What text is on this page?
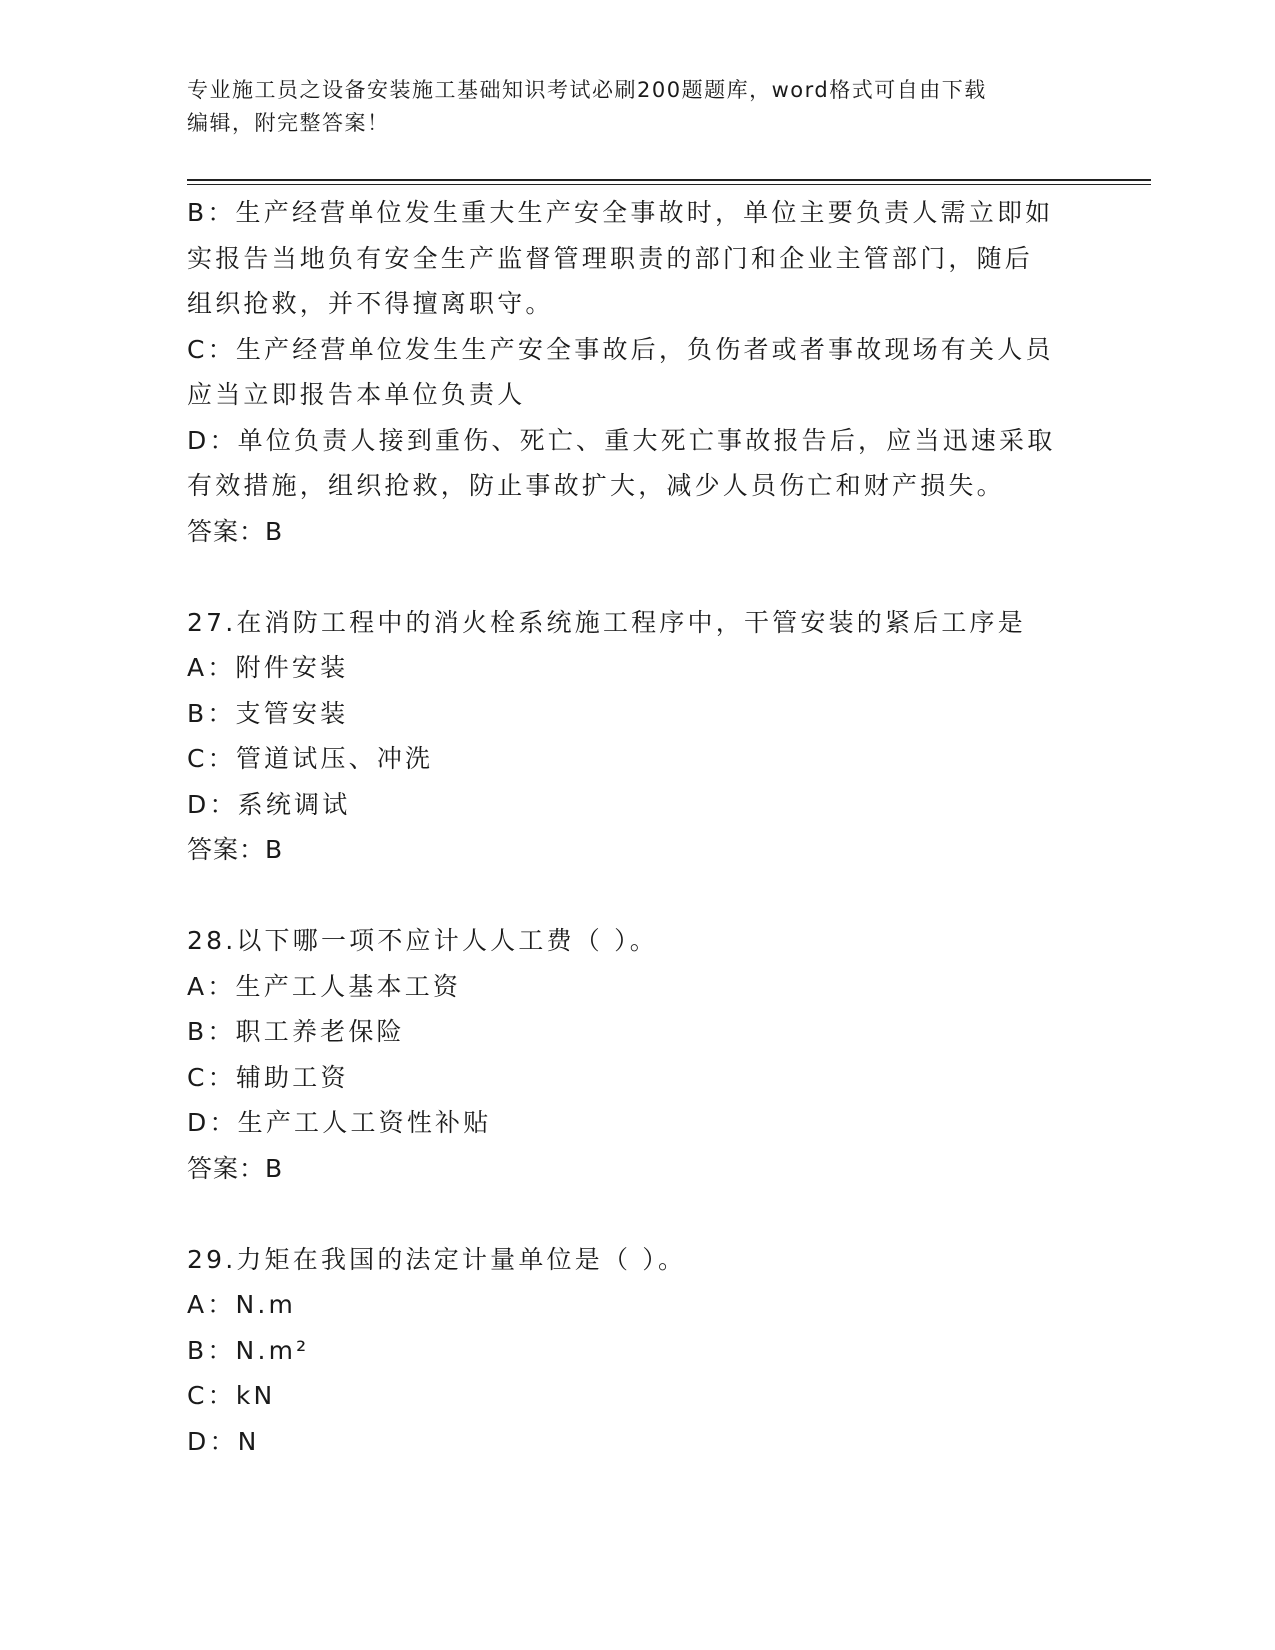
专业施工员之设备安装施工基础知识考试必刷200题题库，word格式可自由下载
编辑，附完整答案！
B：生产经营单位发生重大生产安全事故时，单位主要负责人需立即如
实报告当地负有安全生产监督管理职责的部门和企业主管部门，随后
组织抢救，并不得擅离职守。
C：生产经营单位发生生产安全事故后，负伤者或者事故现场有关人员
应当立即报告本单位负责人
D：单位负责人接到重伤、死亡、重大死亡事故报告后，应当迅速采取
有效措施，组织抢救，防止事故扩大，减少人员伤亡和财产损失。
答案：B
27.在消防工程中的消火栓系统施工程序中，干管安装的紧后工序是
A：附件安装
B：支管安装
C：管道试压、冲洗
D：系统调试
答案：B
28.以下哪一项不应计人人工费（ ）。
A：生产工人基本工资
B：职工养老保险
C：辅助工资
D：生产工人工资性补贴
答案：B
29.力矩在我国的法定计量单位是（ ）。
A：N.m
B：N.m²
C：kN
D：N
